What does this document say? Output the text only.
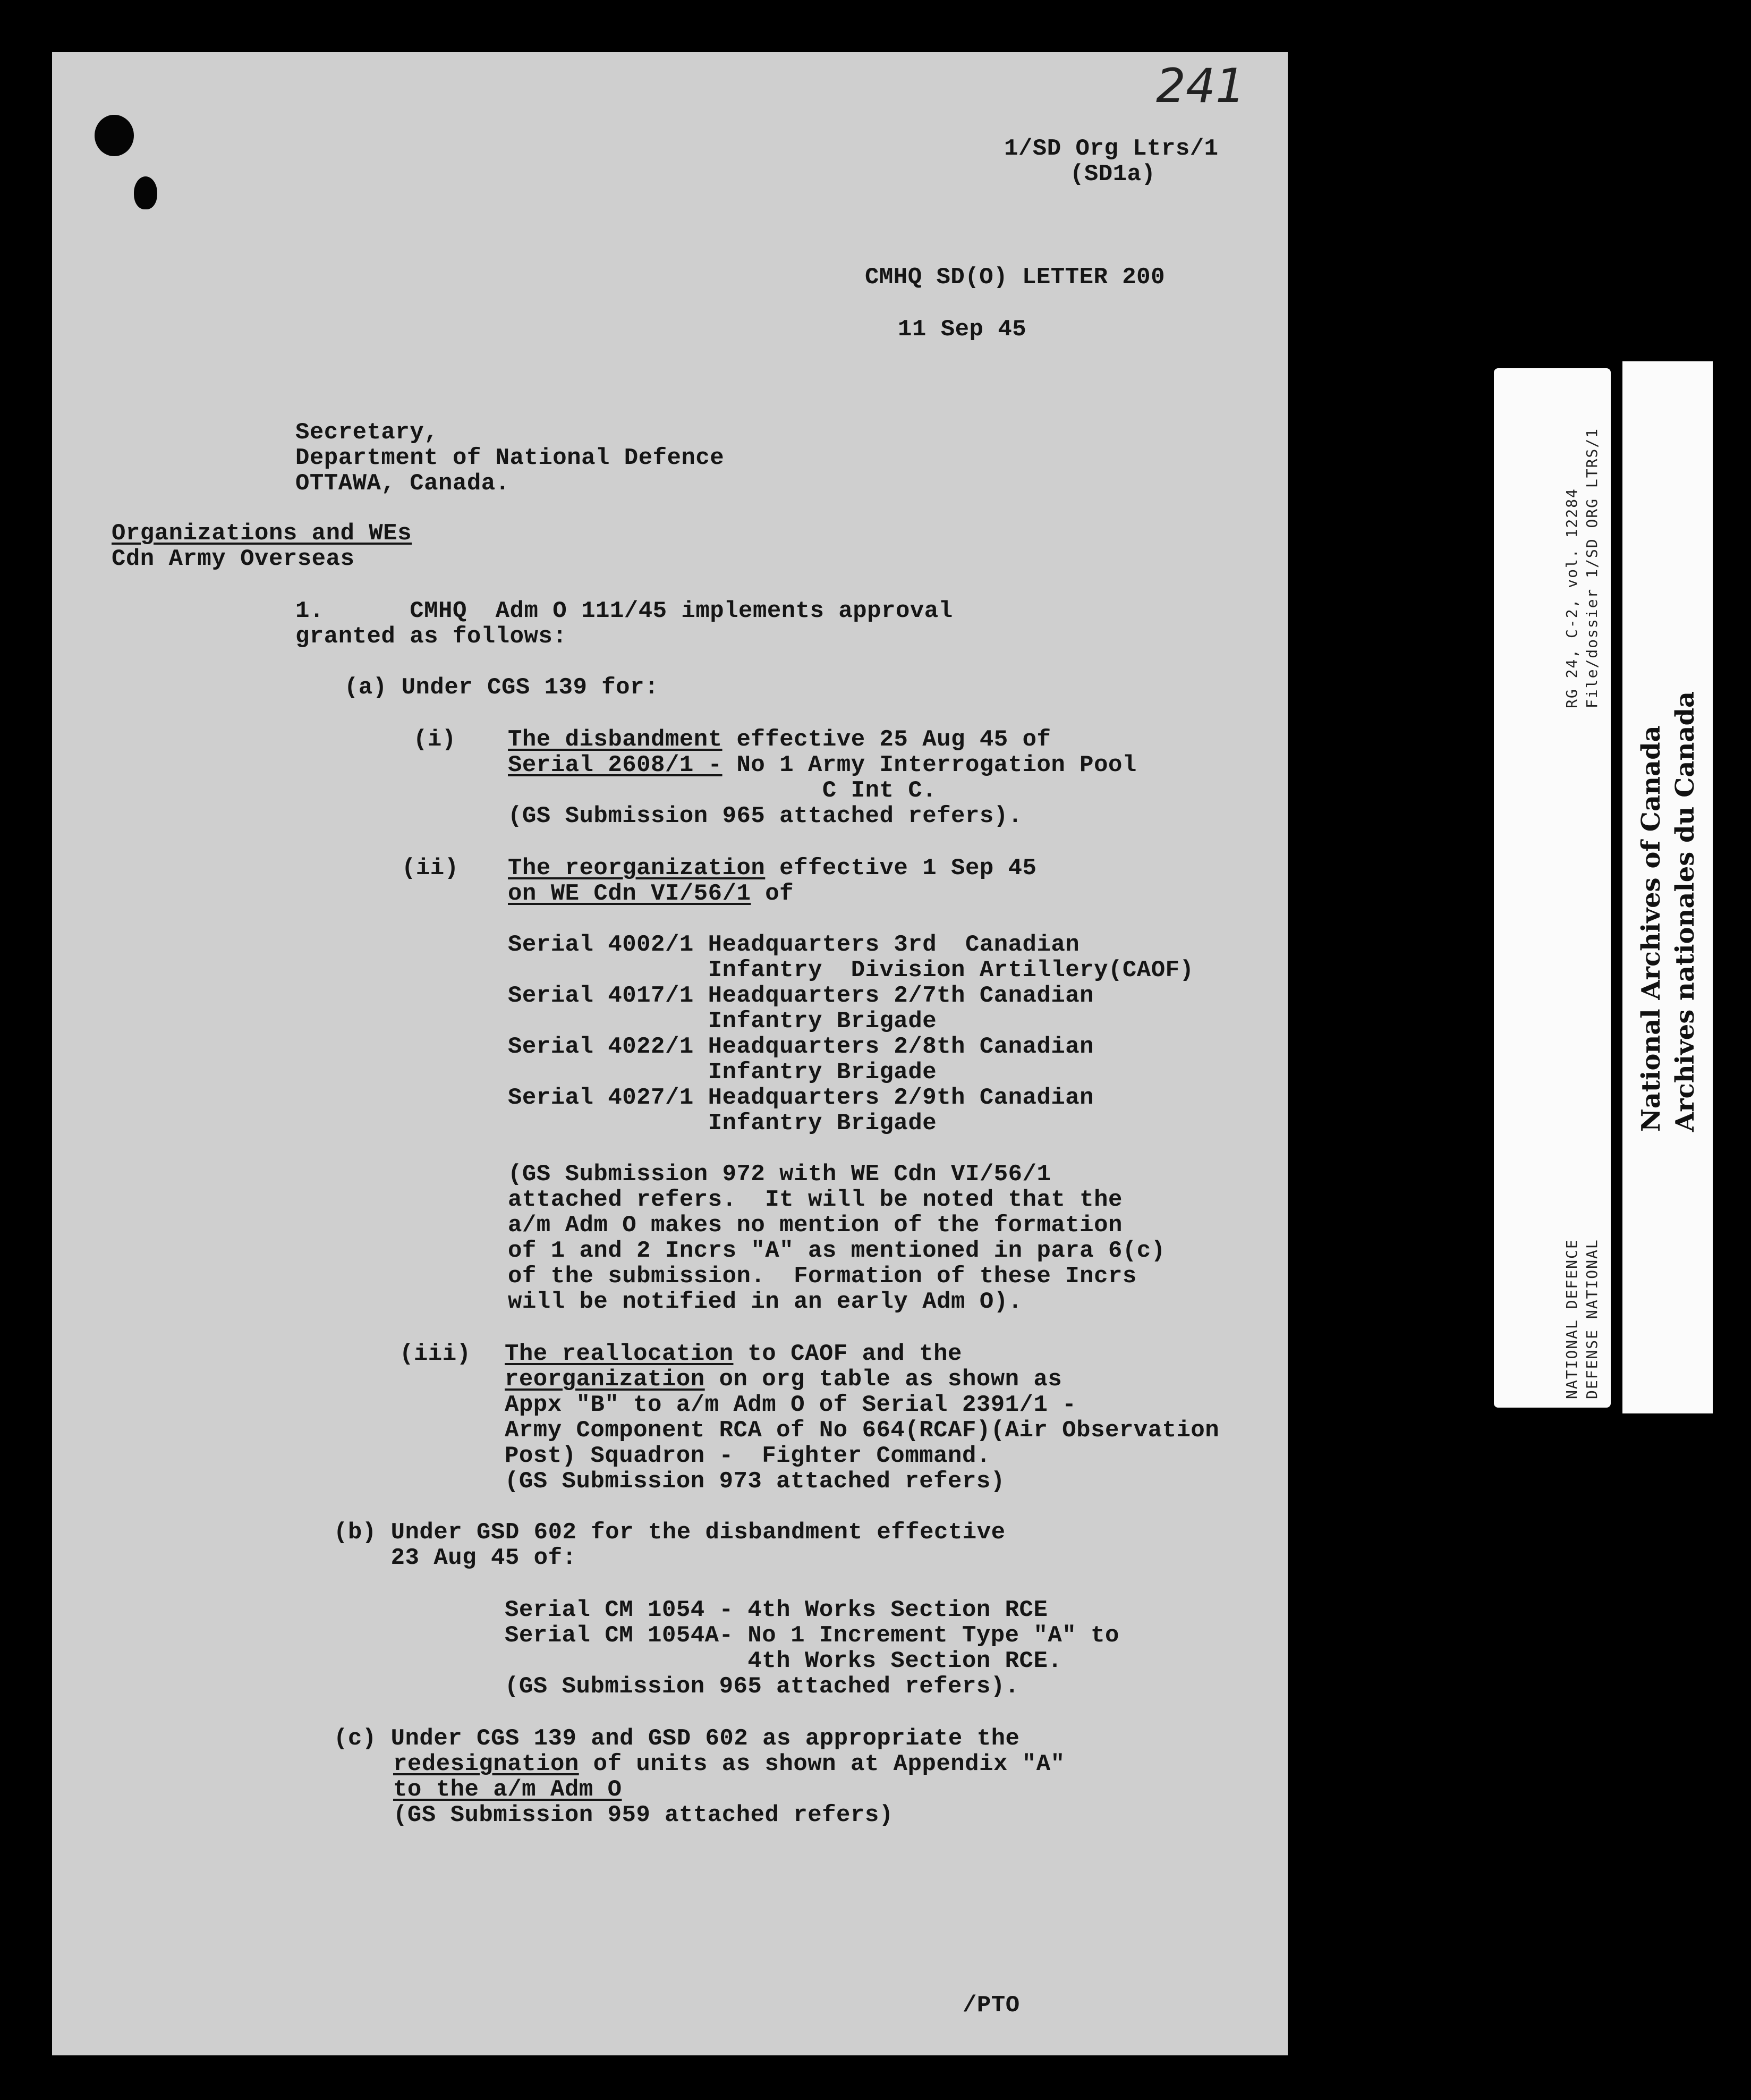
241
1/SD Org Ltrs/1
(SD1a)
CMHQ SD(O) LETTER 200
11 Sep 45
Secretary,
Department of National Defence
OTTAWA, Canada.
Organizations and WEs
Cdn Army Overseas
1.      CMHQ  Adm O 111/45 implements approval
granted as follows:
(a) Under CGS 139 for:
(i) The disbandment effective 25 Aug 45 of
Serial 2608/1 - No 1 Army Interrogation Pool
C Int C.
(GS Submission 965 attached refers).
(ii) The reorganization effective 1 Sep 45
on WE Cdn VI/56/1 of
Serial 4002/1 Headquarters 3rd  Canadian
Infantry  Division Artillery(CAOF)
Serial 4017/1 Headquarters 2/7th Canadian
Infantry Brigade
Serial 4022/1 Headquarters 2/8th Canadian
Infantry Brigade
Serial 4027/1 Headquarters 2/9th Canadian
Infantry Brigade
(GS Submission 972 with WE Cdn VI/56/1
attached refers.  It will be noted that the
a/m Adm O makes no mention of the formation
of 1 and 2 Incrs "A" as mentioned in para 6(c)
of the submission.  Formation of these Incrs
will be notified in an early Adm O).
(iii) The reallocation to CAOF and the
reorganization on org table as shown as
Appx "B" to a/m Adm O of Serial 2391/1 -
Army Component RCA of No 664(RCAF)(Air Observation
Post) Squadron -  Fighter Command.
(GS Submission 973 attached refers)
(b) Under GSD 602 for the disbandment effective
23 Aug 45 of:
Serial CM 1054 - 4th Works Section RCE
Serial CM 1054A- No 1 Increment Type "A" to
4th Works Section RCE.
(GS Submission 965 attached refers).
(c) Under CGS 139 and GSD 602 as appropriate the
redesignation of units as shown at Appendix "A"
to the a/m Adm O
(GS Submission 959 attached refers)
/PTO
RG 24, C-2, vol. 12284 File/dossier 1/SD ORG LTRS/1
NATIONAL DEFENCE DEFENSE NATIONAL
National Archives of Canada Archives nationales du Canada
